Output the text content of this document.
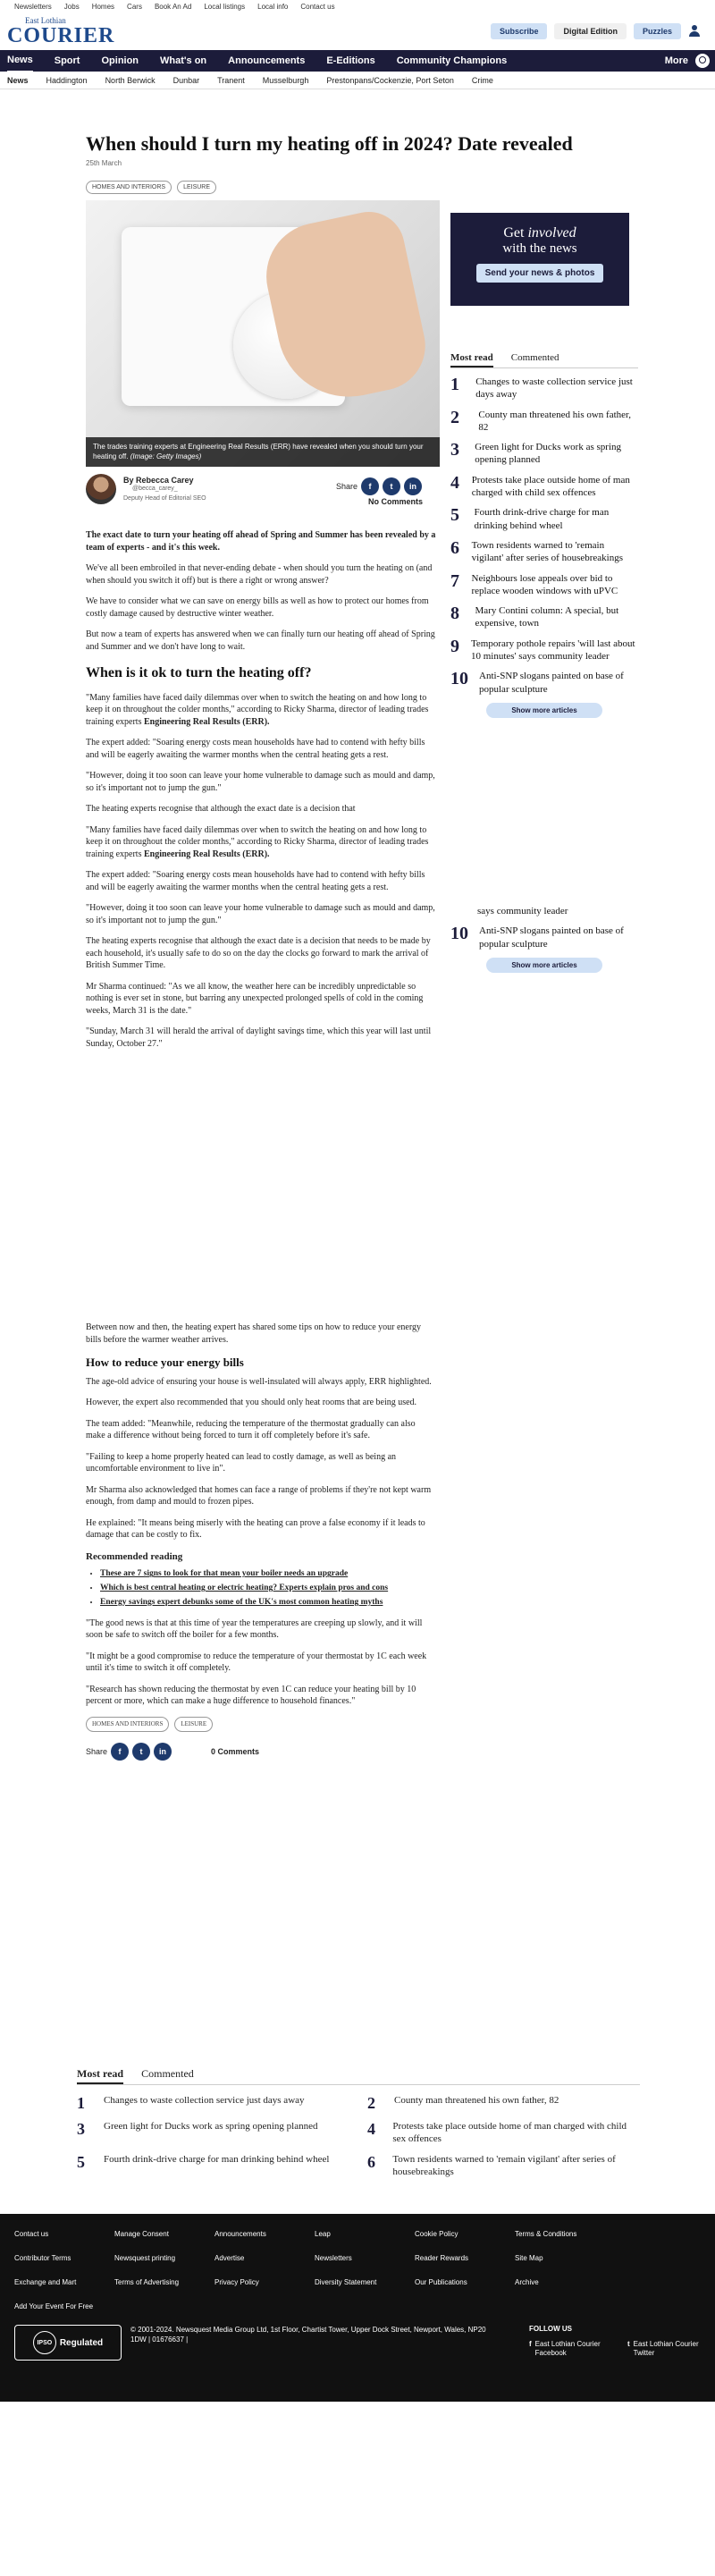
Newsletters Jobs Homes Cars Book An Ad Local listings Local info Contact us
East Lothian
COURIER	Subscribe	Digital Edition	Puzzles
News Sport Opinion What's on Announcements E-Editions Community Champions	More
News Haddington North Berwick Dunbar Tranent Musselburgh Prestonpans/Cockenzie, Port Seton Crime
When should I turn my heating off in 2024? Date revealed
25th March
HOMES AND INTERIORS	LEISURE
The trades training experts at Engineering Real Results (ERR) have revealed when you should turn your heating off. (Image: Getty Images)
By Rebecca Carey
@becca_carey_
Deputy Head of Editorial SEO
Share	f	t	in
No Comments

The exact date to turn your heating off ahead of Spring and Summer has been revealed by a team of experts - and it's this week.

We've all been embroiled in that never-ending debate - when should you turn the heating on (and when should you switch it off) but is there a right or wrong answer?

We have to consider what we can save on energy bills as well as how to protect our homes from costly damage caused by destructive winter weather.

But now a team of experts has answered when we can finally turn our heating off ahead of Spring and Summer and we don't have long to wait.

When is it ok to turn the heating off?

"Many families have faced daily dilemmas over when to switch the heating on and how long to keep it on throughout the colder months," according to Ricky Sharma, director of leading trades training experts Engineering Real Results (ERR).

The expert added: "Soaring energy costs mean households have had to contend with hefty bills and will be eagerly awaiting the warmer months when the central heating gets a rest.

"However, doing it too soon can leave your home vulnerable to damage such as mould and damp, so it's important not to jump the gun."

The heating experts recognise that although the exact date is a decision that

"Many families have faced daily dilemmas over when to switch the heating on and how long to keep it on throughout the colder months," according to Ricky Sharma, director of leading trades training experts Engineering Real Results (ERR).

The expert added: "Soaring energy costs mean households have had to contend with hefty bills and will be eagerly awaiting the warmer months when the central heating gets a rest.

"However, doing it too soon can leave your home vulnerable to damage such as mould and damp, so it's important not to jump the gun."

The heating experts recognise that although the exact date is a decision that needs to be made by each household, it's usually safe to do so on the day the clocks go forward to mark the arrival of British Summer Time.

Mr Sharma continued: "As we all know, the weather here can be incredibly unpredictable so nothing is ever set in stone, but barring any unexpected prolonged spells of cold in the coming weeks, March 31 is the date."

"Sunday, March 31 will herald the arrival of daylight savings time, which this year will last until Sunday, October 27."

Between now and then, the heating expert has shared some tips on how to reduce your energy bills before the warmer weather arrives.

How to reduce your energy bills

The age-old advice of ensuring your house is well-insulated will always apply, ERR highlighted.

However, the expert also recommended that you should only heat rooms that are being used.

The team added: "Meanwhile, reducing the temperature of the thermostat gradually can also make a difference without being forced to turn it off completely before it's safe.

"Failing to keep a home properly heated can lead to costly damage, as well as being an uncomfortable environment to live in".

Mr Sharma also acknowledged that homes can face a range of problems if they're not kept warm enough, from damp and mould to frozen pipes.

He explained: "It means being miserly with the heating can prove a false economy if it leads to damage that can be costly to fix.

Recommended reading
• These are 7 signs to look for that mean your boiler needs an upgrade
• Which is best central heating or electric heating? Experts explain pros and cons
• Energy savings expert debunks some of the UK's most common heating myths

"The good news is that at this time of year the temperatures are creeping up slowly, and it will soon be safe to switch off the boiler for a few months.

"It might be a good compromise to reduce the temperature of your thermostat by 1C each week until it's time to switch it off completely.

"Research has shown reducing the thermostat by even 1C can reduce your heating bill by 10 percent or more, which can make a huge difference to household finances."

HOMES AND INTERIORS	LEISURE
Share	f	t	in	0 Comments
Get involved
with the news
Send your news & photos
Most read Commented
1	Changes to waste collection service just days away
2	County man threatened his own father, 82
3	Green light for Ducks work as spring opening planned
4 Protests take place outside home of man charged with child sex offences
5	Fourth drink-drive charge for man drinking behind wheel
6 Town residents warned to 'remain vigilant' after series of housebreakings
7 Neighbours lose appeals over bid to replace wooden windows with uPVC
8	Mary Contini column: A special, but expensive, town
9 Temporary pothole repairs 'will last about 10 minutes' says community leader
10 Anti-SNP slogans painted on base of popular sculpture
Show more articles
says community leader
10 Anti-SNP slogans painted on base of popular sculpture
Show more articles
Most read Commented
1 Changes to waste collection service just days away	2 County man threatened his own father, 82
3 Green light for Ducks work as spring opening planned	4 Protests take place outside home of man charged with child sex offences
5 Fourth drink-drive charge for man drinking behind wheel 6 Town residents warned to 'remain vigilant' after series of housebreakings
Contact us	Manage Consent	Announcements	Leap	Cookie Policy	Terms & Conditions
Contributor Terms	Newsquest printing	Advertise	Newsletters	Reader Rewards	Site Map
Exchange and Mart	Terms of Advertising	Privacy Policy	Diversity Statement	Our Publications	Archive
Add Your Event For Free
IPSO Regulated
© 2001-2024. Newsquest Media Group Ltd, 1st Floor, Chartist Tower, Upper Dock Street, Newport, Wales, NP20 1DW | 01676637 |
FOLLOW US
f East Lothian Courier Facebook
t East Lothian Courier Twitter
